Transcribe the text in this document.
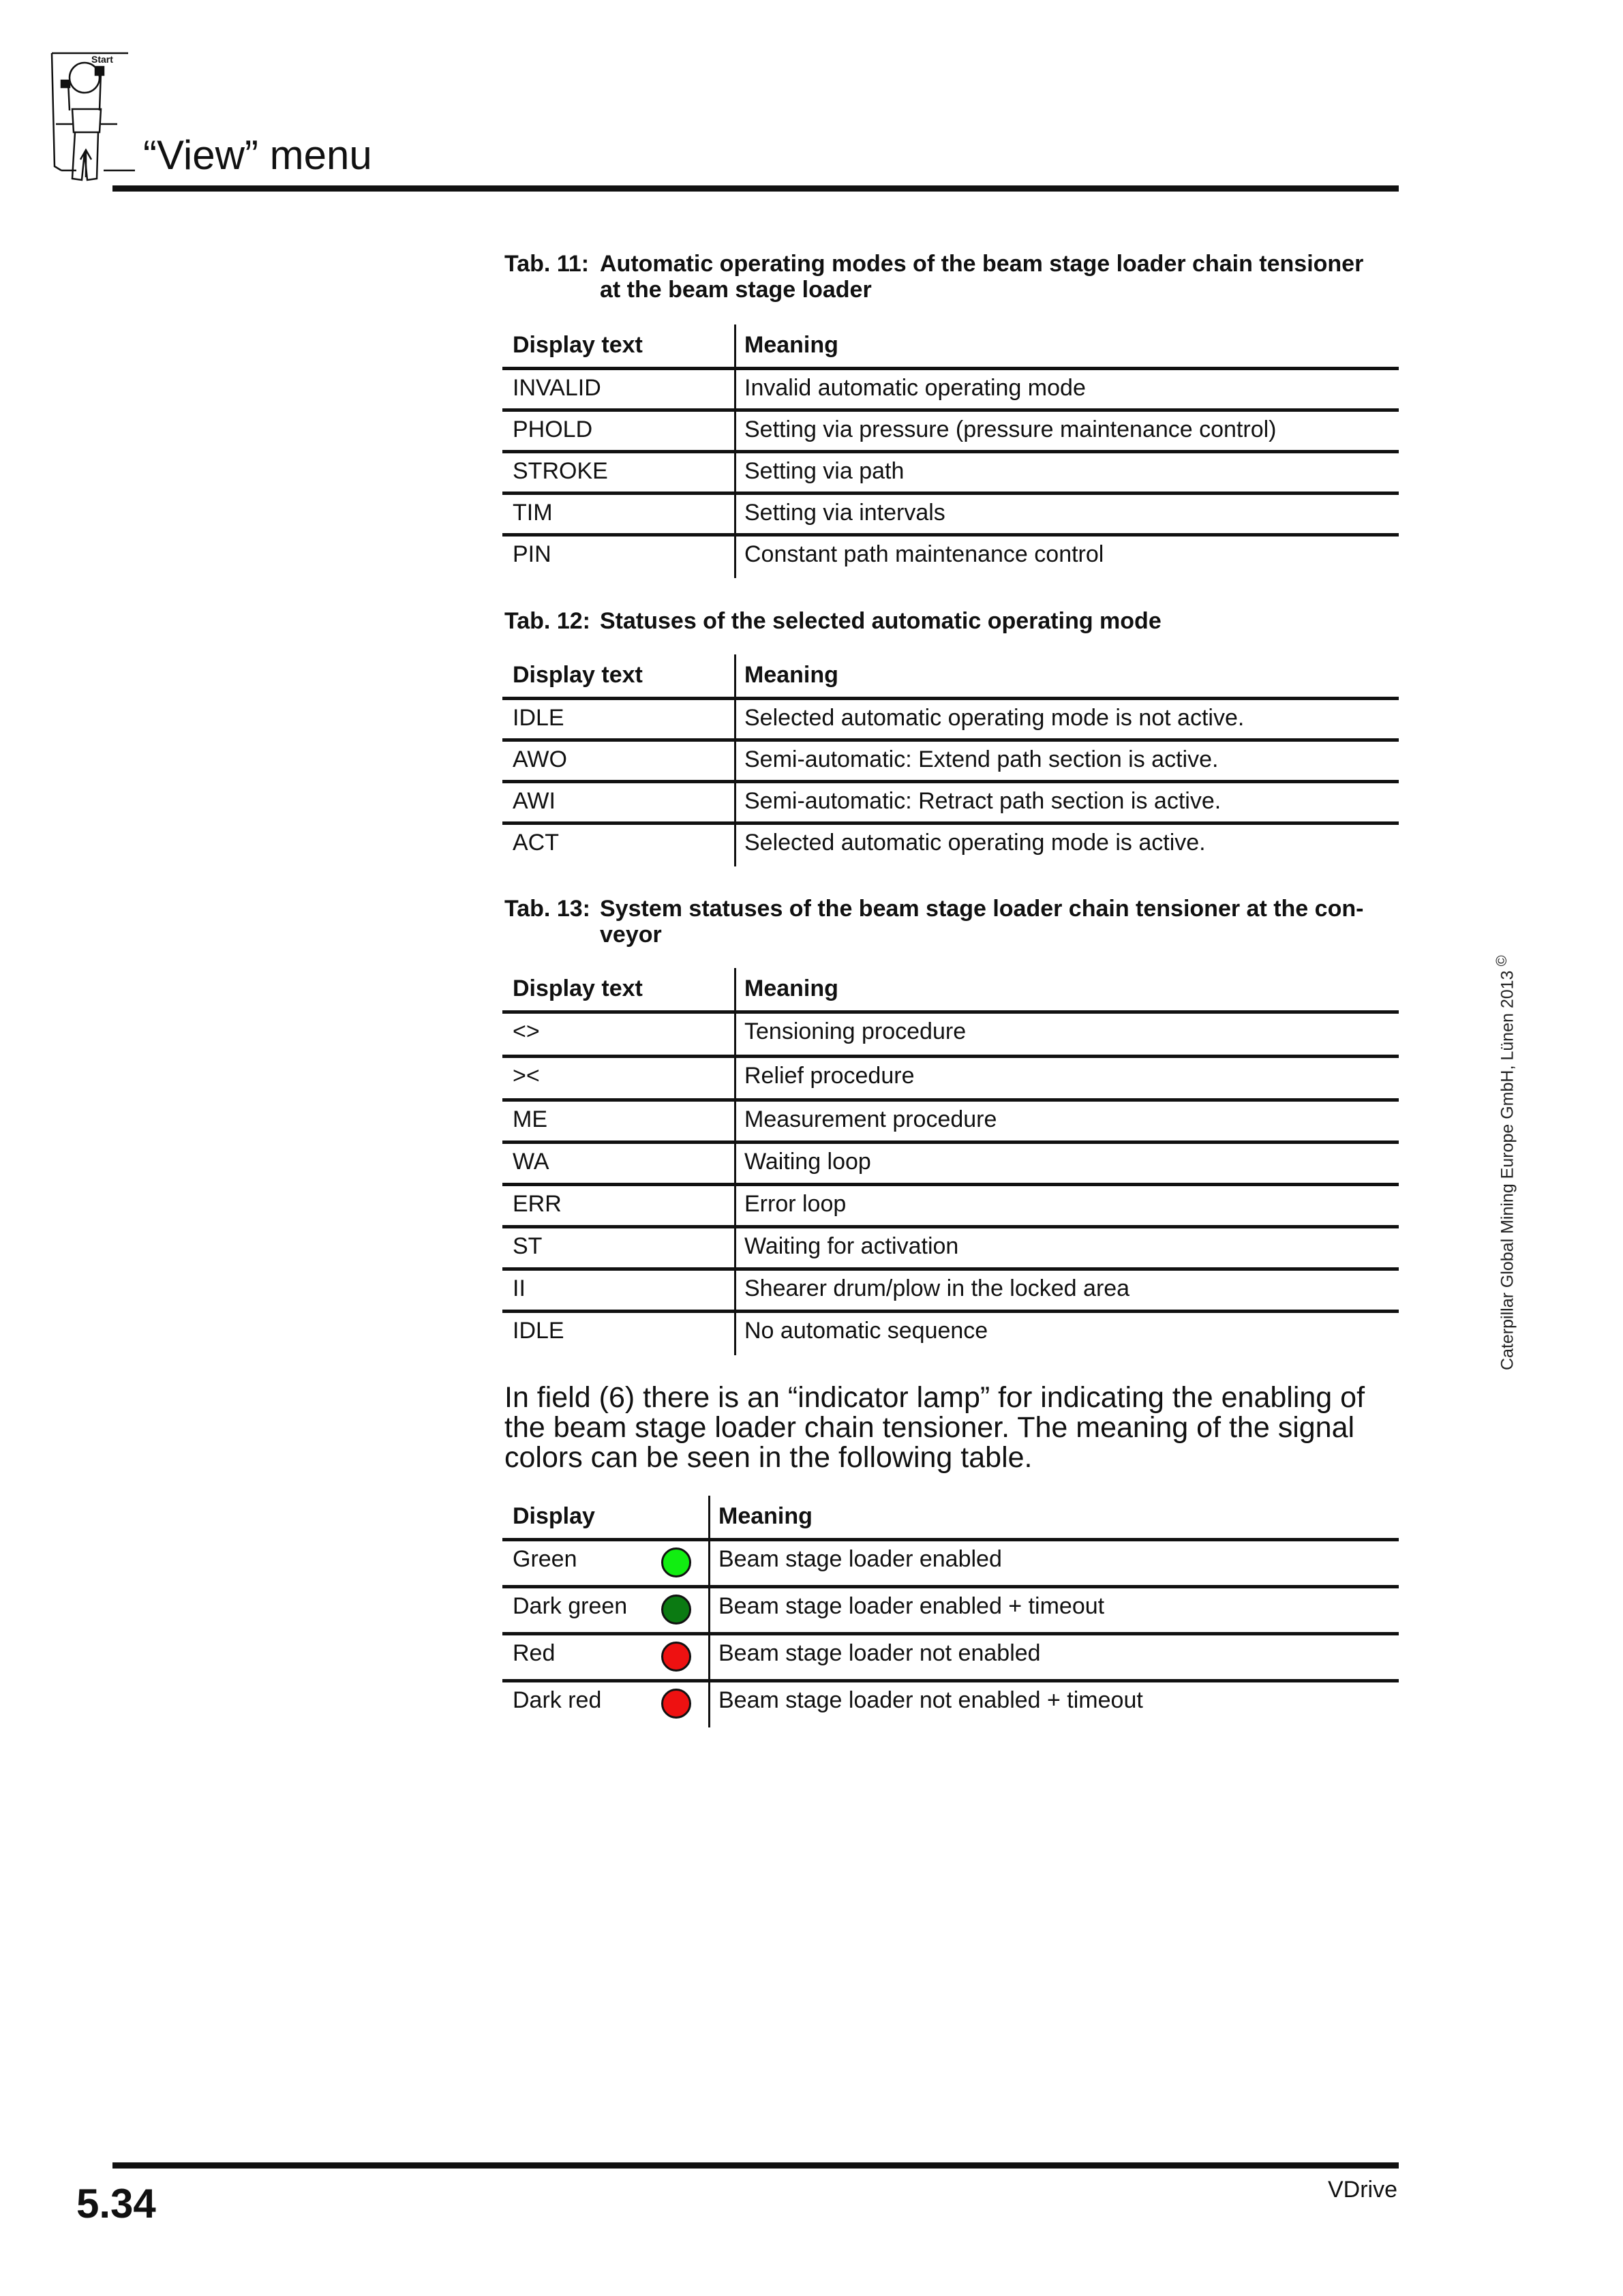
Start
“View” menu
Tab. 11: Automatic operating modes of the beam stage loader chain tensioner
at the beam stage loader
Display text	Meaning
INVALID	Invalid automatic operating mode
PHOLD	Setting via pressure (pressure maintenance control)
STROKE	Setting via path
TIM	Setting via intervals
PIN	Constant path maintenance control
Tab. 12: Statuses of the selected automatic operating mode
Display text	Meaning
IDLE	Selected automatic operating mode is not active.
AWO	Semi-automatic: Extend path section is active.
AWI	Semi-automatic: Retract path section is active.
ACT	Selected automatic operating mode is active.
Tab. 13: System statuses of the beam stage loader chain tensioner at the con-
veyor
Display text	Meaning
<>	Tensioning procedure
><	Relief procedure
ME	Measurement procedure
WA	Waiting loop
ERR	Error loop
ST	Waiting for activation
II	Shearer drum/plow in the locked area
IDLE	No automatic sequence
In field (6) there is an “indicator lamp” for indicating the enabling of the beam stage loader chain tensioner. The meaning of the signal colors can be seen in the following table.
Display	Meaning
Green	Beam stage loader enabled
Dark green	Beam stage loader enabled + timeout
Red	Beam stage loader not enabled
Dark red	Beam stage loader not enabled + timeout
Caterpillar Global Mining Europe GmbH, Lünen 2013©
5.34	VDrive
